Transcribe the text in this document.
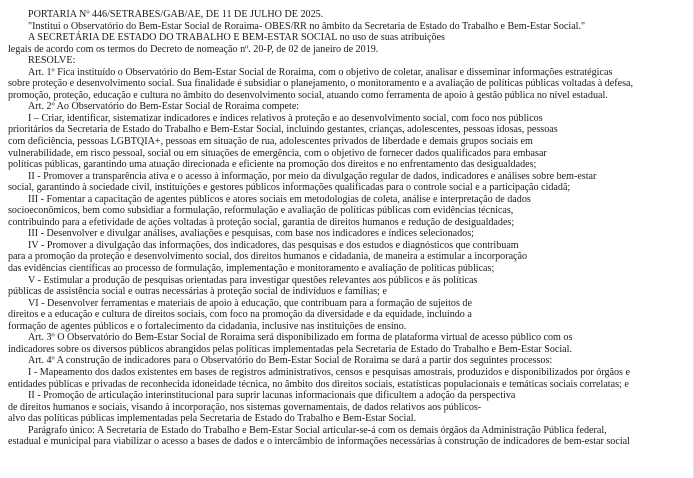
PORTARIA Nº 446/SETRABES/GAB/AE, DE 11 DE JULHO DE 2025.
"Institui o Observatório do Bem-Estar Social de Roraima- OBES/RR no âmbito da Secretaria de Estado do Trabalho e Bem-Estar Social."
A SECRETÁRIA DE ESTADO DO TRABALHO E BEM-ESTAR SOCIAL no uso de suas atribuições
legais de acordo com os termos do Decreto de nomeação nº. 20-P, de 02 de janeiro de 2019.
RESOLVE:
Art. 1º Fica instituído o Observatório do Bem-Estar Social de Roraima, com o objetivo de coletar, analisar e disseminar informações estratégicas
sobre proteção e desenvolvimento social. Sua finalidade é subsidiar o planejamento, o monitoramento e a avaliação de políticas públicas voltadas à defesa,
promoção, proteção, educação e cultura no âmbito do desenvolvimento social, atuando como ferramenta de apoio à gestão pública no nível estadual.
Art. 2º Ao Observatório do Bem-Estar Social de Roraima compete:
I – Criar, identificar, sistematizar indicadores e índices relativos à proteção e ao desenvolvimento social, com foco nos públicos
prioritários da Secretaria de Estado do Trabalho e Bem-Estar Social, incluindo gestantes, crianças, adolescentes, pessoas idosas, pessoas
com deficiência, pessoas LGBTQIA+, pessoas em situação de rua, adolescentes privados de liberdade e demais grupos sociais em
vulnerabilidade, em risco pessoal, social ou em situações de emergência, com o objetivo de fornecer dados qualificados para embasar
políticas públicas, garantindo uma atuação direcionada e eficiente na promoção dos direitos e no enfrentamento das desigualdades;
II - Promover a transparência ativa e o acesso à informação, por meio da divulgação regular de dados, indicadores e análises sobre bem-estar
social, garantindo à sociedade civil, instituições e gestores públicos informações qualificadas para o controle social e a participação cidadã;
III - Fomentar a capacitação de agentes públicos e atores sociais em metodologias de coleta, análise e interpretação de dados
socioeconômicos, bem como subsidiar a formulação, reformulação e avaliação de políticas públicas com evidências técnicas,
contribuindo para a efetividade de ações voltadas à proteção social, garantia de direitos humanos e redução de desigualdades;
III - Desenvolver e divulgar análises, avaliações e pesquisas, com base nos indicadores e índices selecionados;
IV - Promover a divulgação das informações, dos indicadores, das pesquisas e dos estudos e diagnósticos que contribuam
para a promoção da proteção e desenvolvimento social, dos direitos humanos e cidadania, de maneira a estimular a incorporação
das evidências científicas ao processo de formulação, implementação e monitoramento e avaliação de políticas públicas;
V - Estimular a produção de pesquisas orientadas para investigar questões relevantes aos públicos e às políticas
públicas de assistência social e outras necessárias à proteção social de indivíduos e famílias; e
VI - Desenvolver ferramentas e materiais de apoio à educação, que contribuam para a formação de sujeitos de
direitos e a educação e cultura de direitos sociais, com foco na promoção da diversidade e da equidade, incluindo a
formação de agentes públicos e o fortalecimento da cidadania, inclusive nas instituições de ensino.
Art. 3º O Observatório do Bem-Estar Social de Roraima será disponibilizado em forma de plataforma virtual de acesso público com os
indicadores sobre os diversos públicos abrangidos pelas políticas implementadas pela Secretaria de Estado do Trabalho e Bem-Estar Social.
Art. 4º A construção de indicadores para o Observatório do Bem-Estar Social de Roraima se dará a partir dos seguintes processos:
I - Mapeamento dos dados existentes em bases de registros administrativos, censos e pesquisas amostrais, produzidos e disponibilizados por órgãos e
entidades públicas e privadas de reconhecida idoneidade técnica, no âmbito dos direitos sociais, estatísticas populacionais e temáticas sociais correlatas; e
II - Promoção de articulação interinstitucional para suprir lacunas informacionais que dificultem a adoção da perspectiva
de direitos humanos e sociais, visando à incorporação, nos sistemas governamentais, de dados relativos aos públicos-
alvo das políticas públicas implementadas pela Secretaria de Estado do Trabalho e Bem-Estar Social.
Parágrafo único: A Secretaria de Estado do Trabalho e Bem-Estar Social articular-se-á com os demais órgãos da Administração Pública federal,
estadual e municipal para viabilizar o acesso a bases de dados e o intercâmbio de informações necessárias à construção de indicadores de bem-estar social
